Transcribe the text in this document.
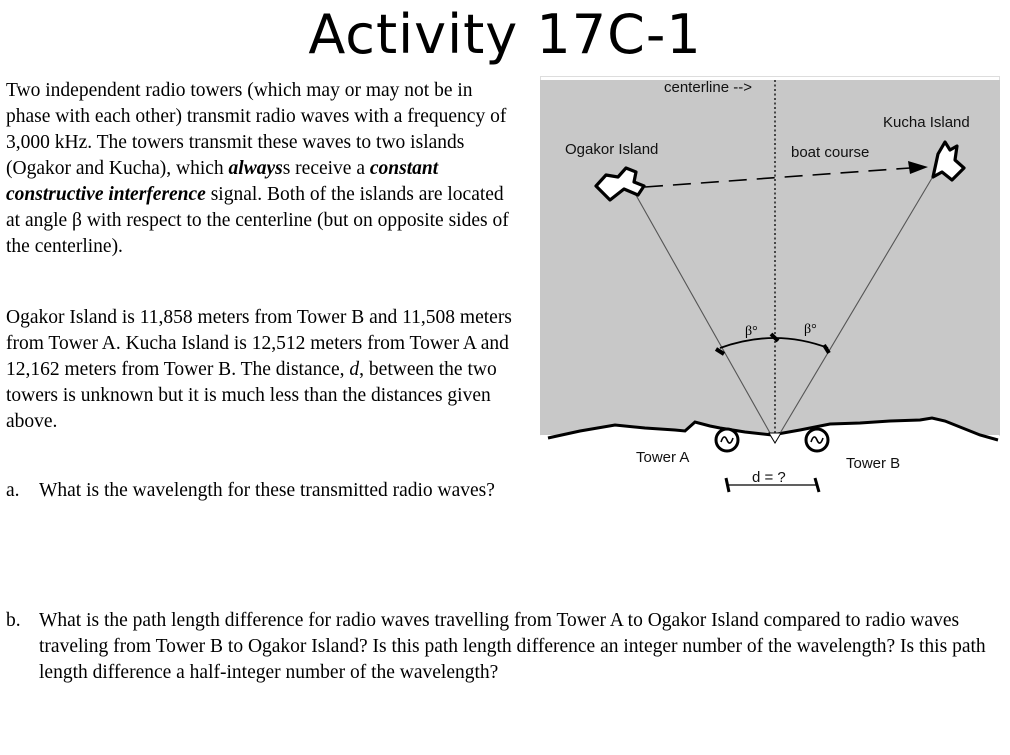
Activity 17C-1

Two independent radio towers (which may or may not be in phase with each other) transmit radio waves with a frequency of 3,000 kHz. The towers transmit these waves to two islands (Ogakor and Kucha), which alwayss receive a constant constructive interference signal. Both of the islands are located at angle β with respect to the centerline (but on opposite sides of the centerline).

Ogakor Island is 11,858 meters from Tower B and 11,508 meters from Tower A. Kucha Island is 12,512 meters from Tower A and 12,162 meters from Tower B. The distance, d, between the two towers is unknown but it is much less than the distances given above.

a. What is the wavelength for these transmitted radio waves?
b. What is the path length difference for radio waves travelling from Tower A to Ogakor Island compared to radio waves traveling from Tower B to Ogakor Island? Is this path length difference an integer number of the wavelength? Is this path length difference a half-integer number of the wavelength?
centerline -->
Kucha Island
Ogakor Island	boat course
β°	β°
Tower A	Tower B
d = ?
